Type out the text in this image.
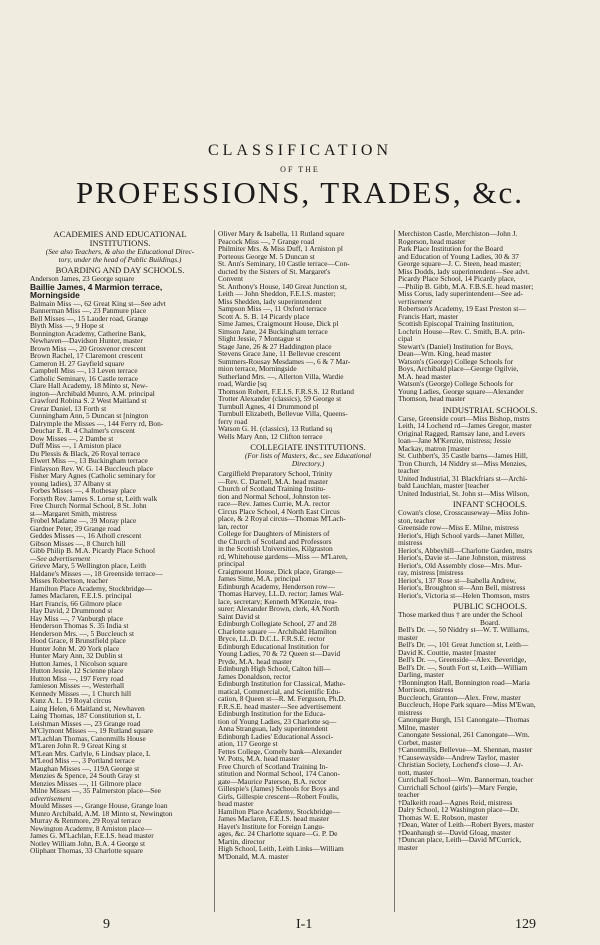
CLASSIFICATION
OF THE
PROFESSIONS, TRADES, &c.
ACADEMIES AND EDUCATIONAL
INSTITUTIONS.
(See also Teachers, & also the Educational Direc-
tory, under the head of Public Buildings.)
BOARDING AND DAY SCHOOLS.
Anderson James, 23 George square
Baillie James, 4 Marmion terrace,
Morningside
Balmain Miss —, 62 Great King st—See advt
Bannerman Miss —, 23 Panmure place
Bell Misses —, 15 Lauder road, Grange
Blyth Miss —, 9 Hope st
Bonnington Academy, Catherine Bank,
Newhaven—Davidson Hunter, master
Brown Miss —, 20 Grosvenor crescent
Brown Rachel, 17 Claremont crescent
Cameron H. 27 Gayfield square
Campbell Miss —, 13 Leven terrace
Catholic Seminary, 16 Castle terrace
Clare Hall Academy, 18 Minto st, New-
ington—Archibald Munro, A.M. principal
Crawford Robina S. 2 West Maitland st
Crerar Daniel, 13 Forth st
Cunningham Ann, 5 Duncan st [nington
Dalrymple the Misses —, 144 Ferry rd, Bon-
Deuchar E. R. 4 Chalmer's crescent
Dow Misses —, 2 Dambe st
Duff Miss —, 1 Arniston place
Du Plessis & Black, 26 Royal terrace
Elwert Miss —, 13 Buckingham terrace
Finlayson Rev. W. G. 14 Buccleuch place
Fisher Mary Agnes (Catholic seminary for
young ladies), 37 Albany st
Forbes Misses —, 4 Rothesay place
Forsyth Rev. James S. Lorne st, Leith walk
Free Church Normal School, 8 St. John
st—Margaret Smith, mistress
Frobel Madame —, 39 Moray place
Gardner Peter, 39 Grange road
Geddes Misses —, 16 Atholl crescent
Gibson Misses —, 8 Church hill
Gibb Philip B. M.A. Picardy Place School
—See advertisement
Grieve Mary, 5 Wellington place, Leith
Haldane's Misses —, 18 Greenside terrace—
Misses Robertson, teacher
Hamilton Place Academy, Stockbridge—
James Maclaren, F.E.I.S. principal
Hart Francis, 66 Gilmore place
Hay David, 2 Drummond st
Hay Miss —, 7 Vanburgh place
Henderson Thomas S. 35 India st
Henderson Mrs. —, 5 Buccleuch st
Hood Grace, 8 Brunstfield place
Hunter John M. 20 York place
Hunter Mary Ann, 32 Dublin st
Hutton James, 1 Nicolson square
Hutton Jessie, 12 Scienne place
Hutton Miss —, 197 Ferry road
Jamieson Misses —, Westerhall
Kennedy Misses —, 1 Church hill
Kunz A. L. 19 Royal circus
Laing Helen, 6 Maitland st, Newhaven
Laing Thomas, 187 Constitution st, L
Leishman Misses —, 23 Grange road
M'Clymont Misses —, 19 Rutland square
M'Lachlan Thomas, Canonmills House
M'Laren John R. 9 Great King st
M'Lean Mrs. Carlyle, 6 Lindsay place, L
M'Leod Miss —, 3 Portland terrace
Maughan Misses —, 119A George st
Menzies & Spence, 24 South Gray st
Menzies Misses —, 11 Gilmore place
Milne Misses —, 35 Palmerston place—See
advertisement
Mould Misses —, Grange House, Grange loan
Munro Archibald, A.M. 18 Minto st, Newington
Murray & Renmore, 29 Royal terrace
Newington Academy, 8 Arniston place—
James G. M'Lachlan, F.E.I.S. head master
Notley William John, B.A. 4 George st
Oliphant Thomas, 33 Charlotte square
Oliver Mary & Isabella, 11 Rutland square
Peacock Miss —, 7 Grange road
Philmiter Mrs. & Miss Duff, 1 Arniston pl
Porteous George M. 5 Duncan st
St. Ann's Seminary, 10 Castle terrace—Con-
ducted by the Sisters of St. Margaret's
Convent
St. Anthony's House, 140 Great Junction st,
Leith — John Sheddon, F.E.I.S. master;
Miss Shedden, lady superintendent
Sampson Miss —, 11 Oxford terrace
Scott A. S. B. 14 Picardy place
Sime James, Craigmount House, Dick pl
Simson Jane, 24 Buckingham terrace
Slight Jessie, 7 Montague st
Stage Jane, 26 & 27 Haddington place
Stevens Grace Jane, 11 Bellevue crescent
Summers-Rousay Mesdames —, 6 & 7 Mar-
mion terrace, Morningside
Sutherland Mrs. —, Allerton Villa, Wardie
road, Wardie [sq
Thomson Robert, F.E.I.S. F.R.S.S. 12 Rutland
Trotter Alexander (classics), 59 George st
Turnbull Agnes, 41 Drummond pl
Turnbull Elizabeth, Bellevue Villa, Queens-
ferry road
Watson G. H. (classics), 13 Rutland sq
Wells Mary Ann, 12 Clifton terrace
COLLEGIATE INSTITUTIONS.
(For lists of Masters, &c., see Educational
Directory.)
Cargilfield Preparatory School, Trinity
—Rev. C. Darnell, M.A. head master
Church of Scotland Training Institu-
tion and Normal School, Johnston ter-
race—Rev. James Currie, M.A. rector
Circus Place School, 4 North East Circus
place, & 2 Royal circus—Thomas M'Lach-
lan, rector
College for Daughters of Ministers of
the Church of Scotland and Professors
in the Scottish Universities, Kilgraston
rd, Whitehouse gardens—Miss — M'Laren,
principal
Craigmount House, Dick place, Grange—
James Sime, M.A. principal
Edinburgh Academy, Henderson row—
Thomas Harvey, LL.D. rector; James Wal-
lace, secretary; Kenneth M'Kenzie, trea-
surer; Alexander Brown, clerk, 4A North
Saint David st
Edinburgh Collegiate School, 27 and 28
Charlotte square — Archibald Hamilton
Bryce, LL.D. D.C.L. F.R.S.E. rector
Edinburgh Educational Institution for
Young Ladies, 70 & 72 Queen st—David
Pryde, M.A. head master
Edinburgh High School, Calton hill—
James Donaldson, rector
Edinburgh Institution for Classical, Mathe-
matical, Commercial, and Scientific Edu-
cation, 8 Queen st—R. M. Ferguson, Ph.D.
F.R.S.E. head master—See advertisement
Edinburgh Institution for the Educa-
tion of Young Ladies, 23 Charlotte sq—
Anna Stranguan, lady superintendent
Edinburgh Ladies' Educational Associ-
ation, 117 George st
Fettes College, Comely bank—Alexander
W. Potts, M.A. head master
Free Church of Scotland Training In-
stitution and Normal School, 174 Canon-
gate—Maurice Paterson, B.A. rector
Gillespie's (James) Schools for Boys and
Girls, Gillespie crescent—Robert Foulis,
head master
Hamilton Place Academy, Stockbridge—
James Maclaren, F.E.I.S. head master
Hayet's Institute for Foreign Langu-
ages, &c. 24 Charlotte square—G. P. De
Martin, director
High School, Leith, Leith Links—William
M'Donald, M.A. master
Merchiston Castle, Merchiston—John J.
Rogerson, head master
Park Place Institution for the Board
and Education of Young Ladies, 30 & 37
George square—J. C. Steen, head master;
Miss Dodds, lady superintendent—See advt.
Picardy Place School, 14 Picardy place,
—Philip B. Gibb, M.A. F.B.S.E. head master;
Miss Corus, lady superintendent—See ad-
vertisement
Robertson's Academy, 19 East Preston st—
Francis Hart, master
Scottish Episcopal Training Institution,
Lochrin House—Rev. C. Smith, B.A. prin-
cipal
Stewart's (Daniel) Institution for Boys,
Dean—Wm. King, head master
Watson's (George) College Schools for
Boys, Archibald place—George Ogilvie,
M.A. head master
Watson's (George) College Schools for
Young Ladies, George square—Alexander
Thomson, head master
INDUSTRIAL SCHOOLS.
Carse, Greenside court—Miss Bishop, mstrs
Leith, 14 Lochend rd—James Gregor, master
Original Ragged, Ramsay lane, and Levers
loan—Jane M'Kenzie, mistress; Jessie
Mackay, matron [master
St. Cuthbert's, 35 Castle barns—James Hill,
Tron Church, 14 Niddry st—Miss Menzies,
teacher
United Industrial, 31 Blackfriars st—Archi-
bald Lauchlan, master [teacher
United Industrial, St. John st—Miss Wilson,
INFANT SCHOOLS.
Cowan's close, Crosscauseway—Miss John-
ston, teacher
Greenside row—Miss E. Milne, mistress
Heriot's, High School yards—Janet Miller,
mistress
Heriot's, Abbeyhill—Charlotte Garden, mstrs
Heriot's, Davie st—Jane Johnston, mistress
Heriot's, Old Assembly close—Mrs. Mur-
ray, mistress [mistress
Heriot's, 137 Rose st—Isabella Andrew,
Heriot's, Broughton st—Ann Bell, mistress
Heriot's, Victoria st—Helen Thomson, mstrs
PUBLIC SCHOOLS.
Those marked thus † are under the School
Board.
Bell's Dr. —, 50 Niddry st—W. T. Williams,
master
Bell's Dr. —, 101 Great Junction st, Leith—
David K. Couttie, master [master
Bell's Dr. —, Greenside—Alex. Beveridge,
Bell's Dr. —, South Fort st, Leith—William
Darling, master
†Bonnington Hall, Bonnington road—Maria
Morrison, mistress
Buccleuch, Granton—Alex. Frew, master
Buccleuch, Hope Park square—Miss M'Ewan,
mistress
Canongate Burgh, 151 Canongate—Thomas
Milne, master
Canongate Sessional, 261 Canongate—Wm.
Corbet, master
†Canonmills, Bellevue—M. Shennan, master
†Causewayside—Andrew Taylor, master
Christian Society, Lochend's close—J. Ar-
nott, master
Currichall School—Wm. Bannerman, teacher
Currichall School (girls')—Mary Fergie,
teacher
†Dalkeith road—Agnes Reid, mistress
Dalry School, 12 Washington place—Dr.
Thomas W. E. Robson, master
†Dean, Water of Leith—Robert Byers, master
†Deanhaugh st—David Gloag, master
†Duncan place, Leith—David M'Currick,
master
9	I-1	129
